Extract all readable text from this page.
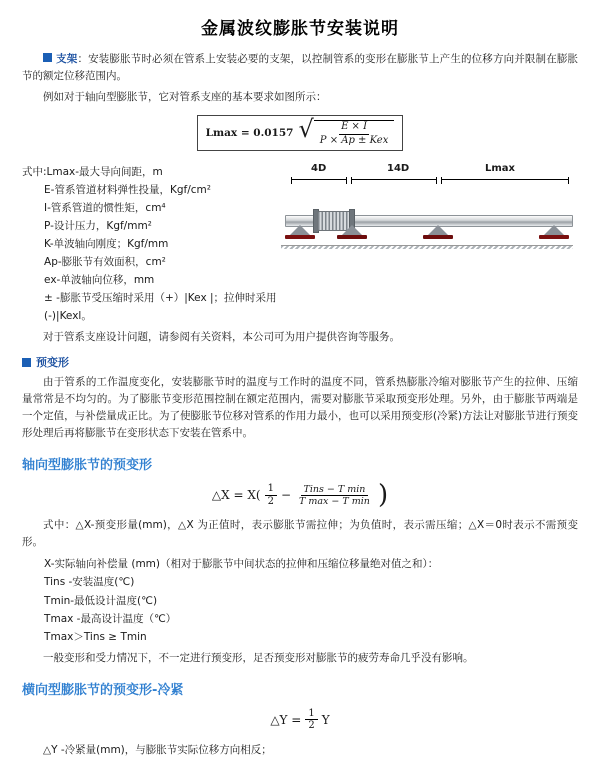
金属波纹膨胀节安装说明

支架：安装膨胀节时必须在管系上安装必要的支架，以控制管系的变形在膨胀节上产生的位移方向并限制在膨胀节的额定位移范围内。

例如对于轴向型膨胀节，它对管系支座的基本要求如图所示：

Lmax = 0.0157 √ $\frac{E \times I}{\text{P × Ap ± Kex}}$
式中:Lmax-最大导向间距，m
E-管系管道材料弹性投量，Kgf/cm²
I-管系管道的惯性矩，cm⁴
P-设计压力，Kgf/mm²
K-单波轴向刚度；Kgf/mm
Ap-膨胀节有效面积，cm²
ex-单波轴向位移，mm
± -膨胀节受压缩时采用（+）|Kex |；拉伸时采用(-)|Kexl。
4D	14D	Lmax

对于管系支座设计问题，请参阅有关资料，本公司可为用户提供咨询等服务。

预变形

由于管系的工作温度变化，安装膨胀节时的温度与工作时的温度不同，管系热膨胀冷缩对膨胀节产生的拉伸、压缩量常常是不均匀的。为了膨胀节变形范围控制在额定范围内，需要对膨胀节采取预变形处理。另外，由于膨胀节两端是一个定值，与补偿量成正比。为了使膨胀节位移对管系的作用力最小，也可以采用预变形(冷紧)方法让对膨胀节进行预变形处理后再将膨胀节在变形状态下安装在管系中。

轴向型膨胀节的预变形
△X = $X( \frac{1}{2}$ −	Tins − T min
T max − T min )

式中：△X-预变形量(mm)，△X 为正值时，表示膨胀节需拉伸；为负值时，表示需压缩；△X＝0时表示不需预变形。

X-实际轴向补偿量 (mm)（相对于膨胀节中间状态的拉伸和压缩位移量绝对值之和）：
Tins -安装温度(℃)
Tmin-最低设计温度(℃)
Tmax -最高设计温度（℃）
Tmax＞Tins ≥ Tmin

一般变形和受力情况下，不一定进行预变形，足否预变形对膨胀节的疲劳寿命几乎没有影响。

横向型膨胀节的预变形-冷紧
△Y = $\frac{1}{2}$ Y

△Y -冷紧量(mm)，与膨胀节实际位移方向相反；
